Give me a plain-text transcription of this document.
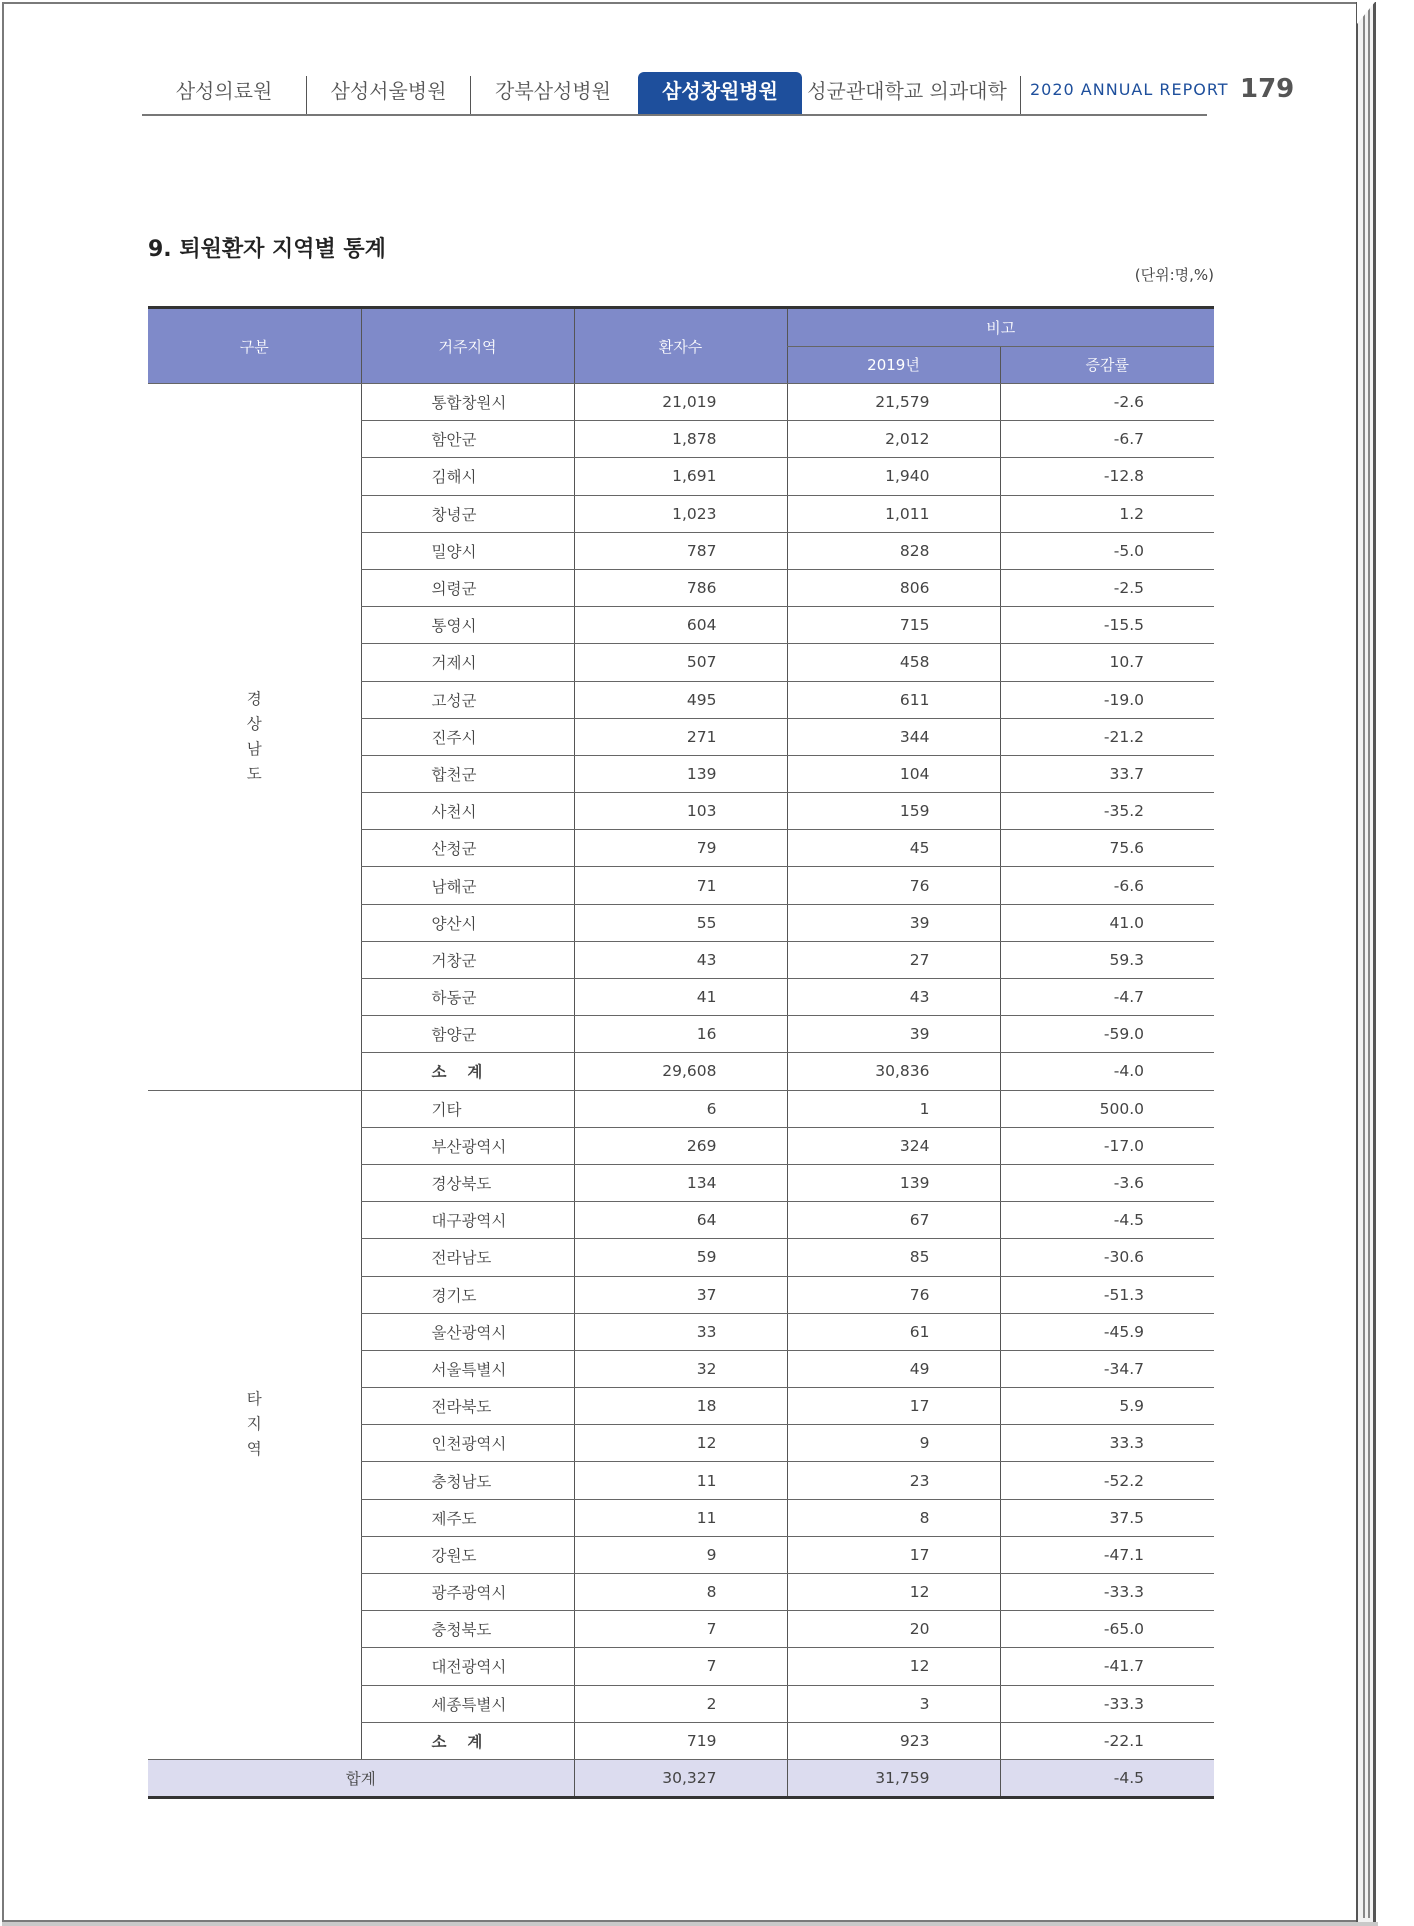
삼성의료원	삼성서울병원	강북삼성병원	삼성창원병원	성균관대학교 의과대학	2020 ANNUAL REPORT 179
9. 퇴원환자 지역별 통계
(단위:명,%)
구분	거주지역	환자수	비고	
			2019년	증감률

경
상
남
도	통합창원시	21,019	21,579	-2.6
	함안군	1,878	2,012	-6.7
	김해시	1,691	1,940	-12.8
	창녕군	1,023	1,011	1.2
	밀양시	787	828	-5.0
	의령군	786	806	-2.5
	통영시	604	715	-15.5
	거제시	507	458	10.7
	고성군	495	611	-19.0
	진주시	271	344	-21.2
	합천군	139	104	33.7
	사천시	103	159	-35.2
	산청군	79	45	75.6
	남해군	71	76	-6.6
	양산시	55	39	41.0
	거창군	43	27	59.3
	하동군	41	43	-4.7
	함양군	16	39	-59.0
	소　 계	29,608	30,836	-4.0

타
지
역	기타	6	1	500.0
	부산광역시	269	324	-17.0
	경상북도	134	139	-3.6
	대구광역시	64	67	-4.5
	전라남도	59	85	-30.6
	경기도	37	76	-51.3
	울산광역시	33	61	-45.9
	서울특별시	32	49	-34.7
	전라북도	18	17	5.9
	인천광역시	12	9	33.3
	충청남도	11	23	-52.2
	제주도	11	8	37.5
	강원도	9	17	-47.1
	광주광역시	8	12	-33.3
	충청북도	7	20	-65.0
	대전광역시	7	12	-41.7
	세종특별시	2	3	-33.3
	소　 계	719	923	-22.1
합계		30,327	31,759	-4.5
